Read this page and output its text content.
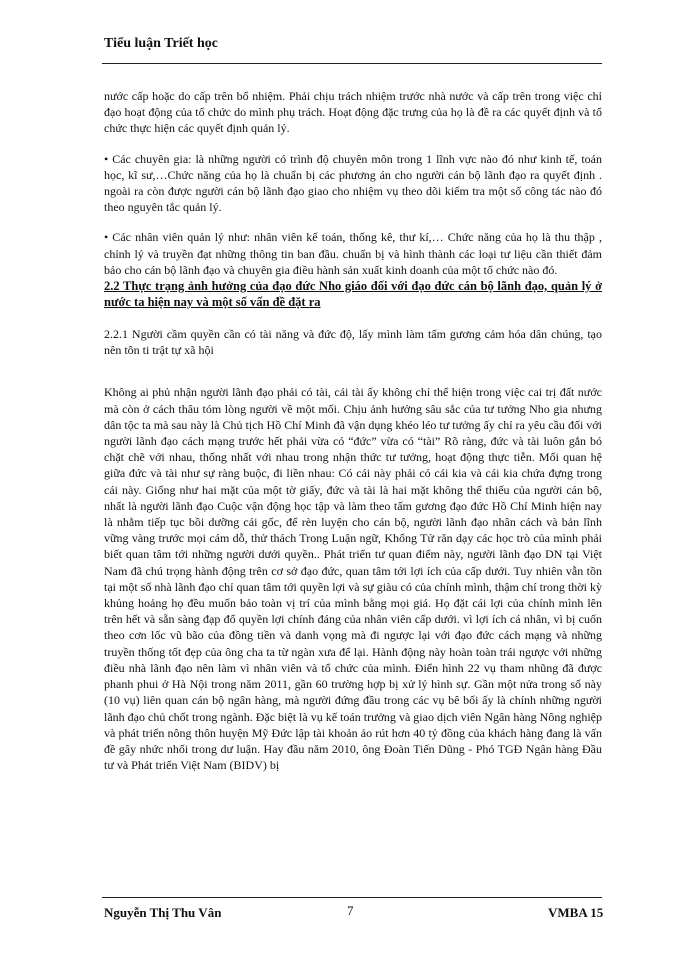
Tiểu luận Triết học

nước cấp hoặc do cấp trên bổ nhiệm. Phải chịu trách nhiệm trước nhà nước và cấp trên trong việc chỉ đạo hoạt động của tổ chức do mình phụ trách. Hoạt động đặc trưng của họ là đề ra các quyết định và tổ chức thực hiện các quyết định quản lý.

• Các chuyên gia: là những người có trình độ chuyên môn trong 1 lĩnh vực nào đó như kinh tế, toán học, kĩ sư,…Chức năng của họ là chuẩn bị các phương án cho người cán bộ lãnh đạo ra quyết định . ngoài ra còn được người cán bộ lãnh đạo giao cho nhiệm vụ theo dõi kiểm tra một số công tác nào đó theo nguyên tắc quản lý.

• Các nhân viên quản lý như: nhân viên kế toán, thống kê, thư kí,… Chức năng của họ là thu thập , chỉnh lý và truyền đạt những thông tin ban đầu. chuẩn bị và hình thành các loại tư liệu cần thiết đảm bảo cho cán bộ lãnh đạo và chuyên gia điều hành sản xuất kinh doanh của một tổ chức nào đó.

2.2 Thực trạng ảnh hưởng của đạo đức Nho giáo đối với đạo đức cán bộ lãnh đạo, quản lý ở nước ta hiện nay và một số vấn đề đặt ra

2.2.1 Người cầm quyền cần có tài năng và đức độ, lấy mình làm tấm gương cảm hóa dân chúng, tạo nên tôn ti trật tự xã hội

Không ai phủ nhận người lãnh đạo phải có tài, cái tài ấy không chỉ thể hiện trong việc cai trị đất nước mà còn ở cách thâu tóm lòng người về một mối. Chịu ảnh hưởng sâu sắc của tư tưởng Nho gia nhưng dân tộc ta mà sau này là Chủ tịch Hồ Chí Minh đã vận dụng khéo léo tư tưởng ấy chỉ ra yêu cầu đối với người lãnh đạo cách mạng trước hết phải vừa có “đức” vừa có “tài” Rõ ràng, đức và tài luôn gắn bó chặt chẽ với nhau, thống nhất với nhau trong nhận thức tư tưởng, hoạt động thực tiễn. Mối quan hệ giữa đức và tài như sự ràng buộc, đi liền nhau: Có cái này phải có cái kia và cái kia chứa đựng trong cái này. Giống như hai mặt của một tờ giấy, đức và tài là hai mặt không thể thiếu của người cán bộ, nhất là người lãnh đạo Cuộc vận động học tập và làm theo tấm gương đạo đức Hồ Chí Minh hiện nay là nhằm tiếp tục bồi dưỡng cái gốc, để rèn luyện cho cán bộ, người lãnh đạo nhân cách và bản lĩnh vững vàng trước mọi cám dỗ, thử thách Trong Luận ngữ, Khổng Tử răn dạy các học trò của mình phải biết quan tâm tới những người dưới quyền.. Phát triển tư quan điểm này, người lãnh đạo DN tại Việt Nam đã chú trọng hành động trên cơ sở đạo đức, quan tâm tới lợi ích của cấp dưới. Tuy nhiên vẫn tồn tại một số nhà lãnh đạo chỉ quan tâm tới quyền lợi và sự giàu có của chính mình, thậm chí trong thời kỳ khủng hoảng họ đều muốn bảo toàn vị trí của mình bằng mọi giá. Họ đặt cái lợi của chính mình lên trên hết và sẵn sàng đạp đổ quyền lợi chính đáng của nhân viên cấp dưới. vì lợi ích cá nhân, vì bị cuốn theo cơn lốc vũ bão của đồng tiền và danh vọng mà đi ngược lại với đạo đức cách mạng và những truyền thống tốt đẹp của ông cha ta từ ngàn xưa để lại. Hành động này hoàn toàn trái ngược với những điều nhà lãnh đạo nên làm vì nhân viên và tổ chức của mình. Điển hình 22 vụ tham nhũng đã được phanh phui ở Hà Nội trong năm 2011, gần 60 trường hợp bị xử lý hình sự. Gần một nửa trong số này (10 vụ) liên quan cán bộ ngân hàng, mà người đứng đầu trong các vụ bê bối ấy là chính những người lãnh đạo chủ chốt trong ngành. Đặc biệt là vụ kế toán trưởng và giao dịch viên Ngân hàng Nông nghiệp và phát triển nông thôn huyện Mỹ Đức lập tài khoản ảo rút hơn 40 tỷ đồng của khách hàng đang là vấn đề gây nhức nhối trong dư luận. Hay đầu năm 2010, ông Đoàn Tiến Dũng - Phó TGĐ Ngân hàng Đầu tư và Phát triển Việt Nam (BIDV) bị

Nguyễn Thị Thu Vân	7	VMBA 15
